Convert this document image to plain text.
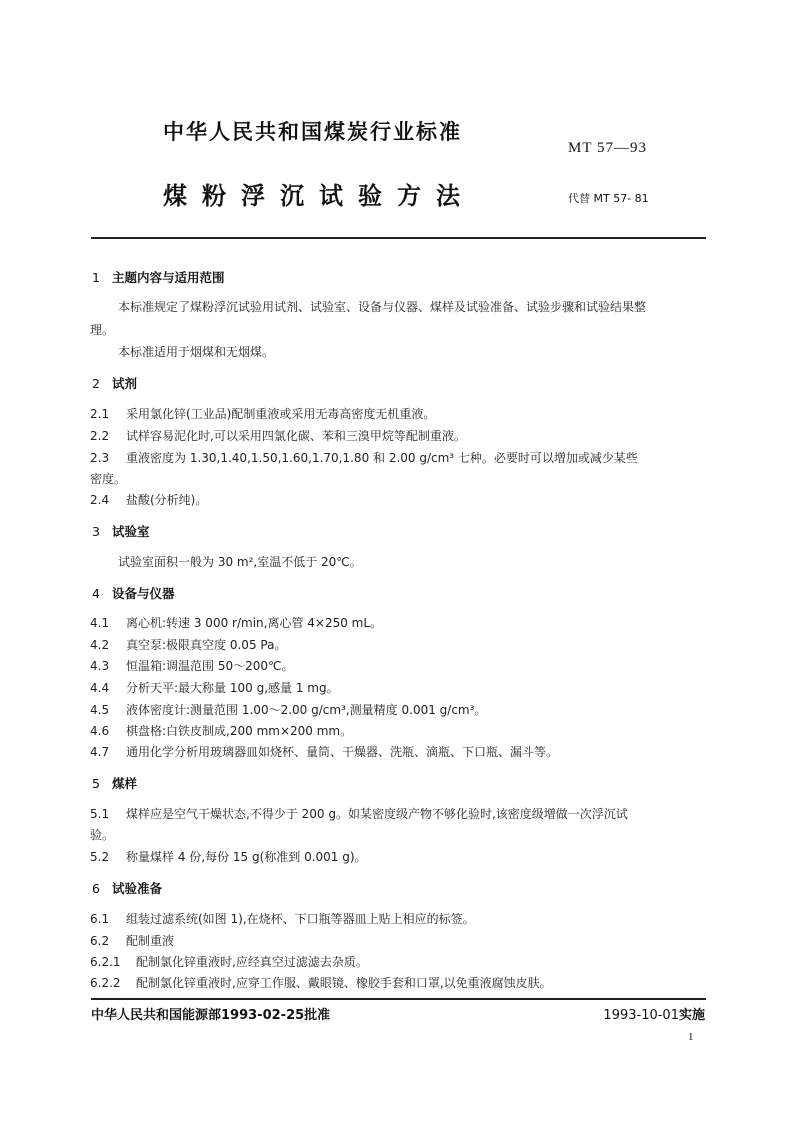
中华人民共和国煤炭行业标准
MT 57—93
煤粉浮沉试验方法	代替 MT 57- 81
1 主题内容与适用范围
本标准规定了煤粉浮沉试验用试剂、试验室、设备与仪器、煤样及试验准备、试验步骤和试验结果整
理。
本标准适用于烟煤和无烟煤。
2 试剂
2.1 采用氯化锌(工业品)配制重液或采用无毒高密度无机重液。
2.2 试样容易泥化时,可以采用四氯化碳、苯和三溴甲烷等配制重液。
2.3 重液密度为 1.30,1.40,1.50,1.60,1.70,1.80 和 2.00 g/cm³ 七种。必要时可以增加或减少某些
密度。
2.4 盐酸(分析纯)。
3 试验室
试验室面积一般为 30 m²,室温不低于 20℃。
4 设备与仪器
4.1 离心机:转速 3 000 r/min,离心管 4×250 mL。
4.2 真空泵:极限真空度 0.05 Pa。
4.3 恒温箱:调温范围 50～200℃。
4.4 分析天平:最大称量 100 g,感量 1 mg。
4.5 液体密度计:测量范围 1.00～2.00 g/cm³,测量精度 0.001 g/cm³。
4.6 棋盘格:白铁皮制成,200 mm×200 mm。
4.7 通用化学分析用玻璃器皿如烧杯、量筒、干燥器、洗瓶、滴瓶、下口瓶、漏斗等。
5 煤样
5.1 煤样应是空气干燥状态,不得少于 200 g。如某密度级产物不够化验时,该密度级增做一次浮沉试
验。
5.2 称量煤样 4 份,每份 15 g(称准到 0.001 g)。
6 试验准备
6.1 组装过滤系统(如图 1),在烧杯、下口瓶等器皿上贴上相应的标签。
6.2 配制重液
6.2.1 配制氯化锌重液时,应经真空过滤滤去杂质。
6.2.2 配制氯化锌重液时,应穿工作服、戴眼镜、橡胶手套和口罩,以免重液腐蚀皮肤。
中华人民共和国能源部1993-02-25批准	1993-10-01实施
1
